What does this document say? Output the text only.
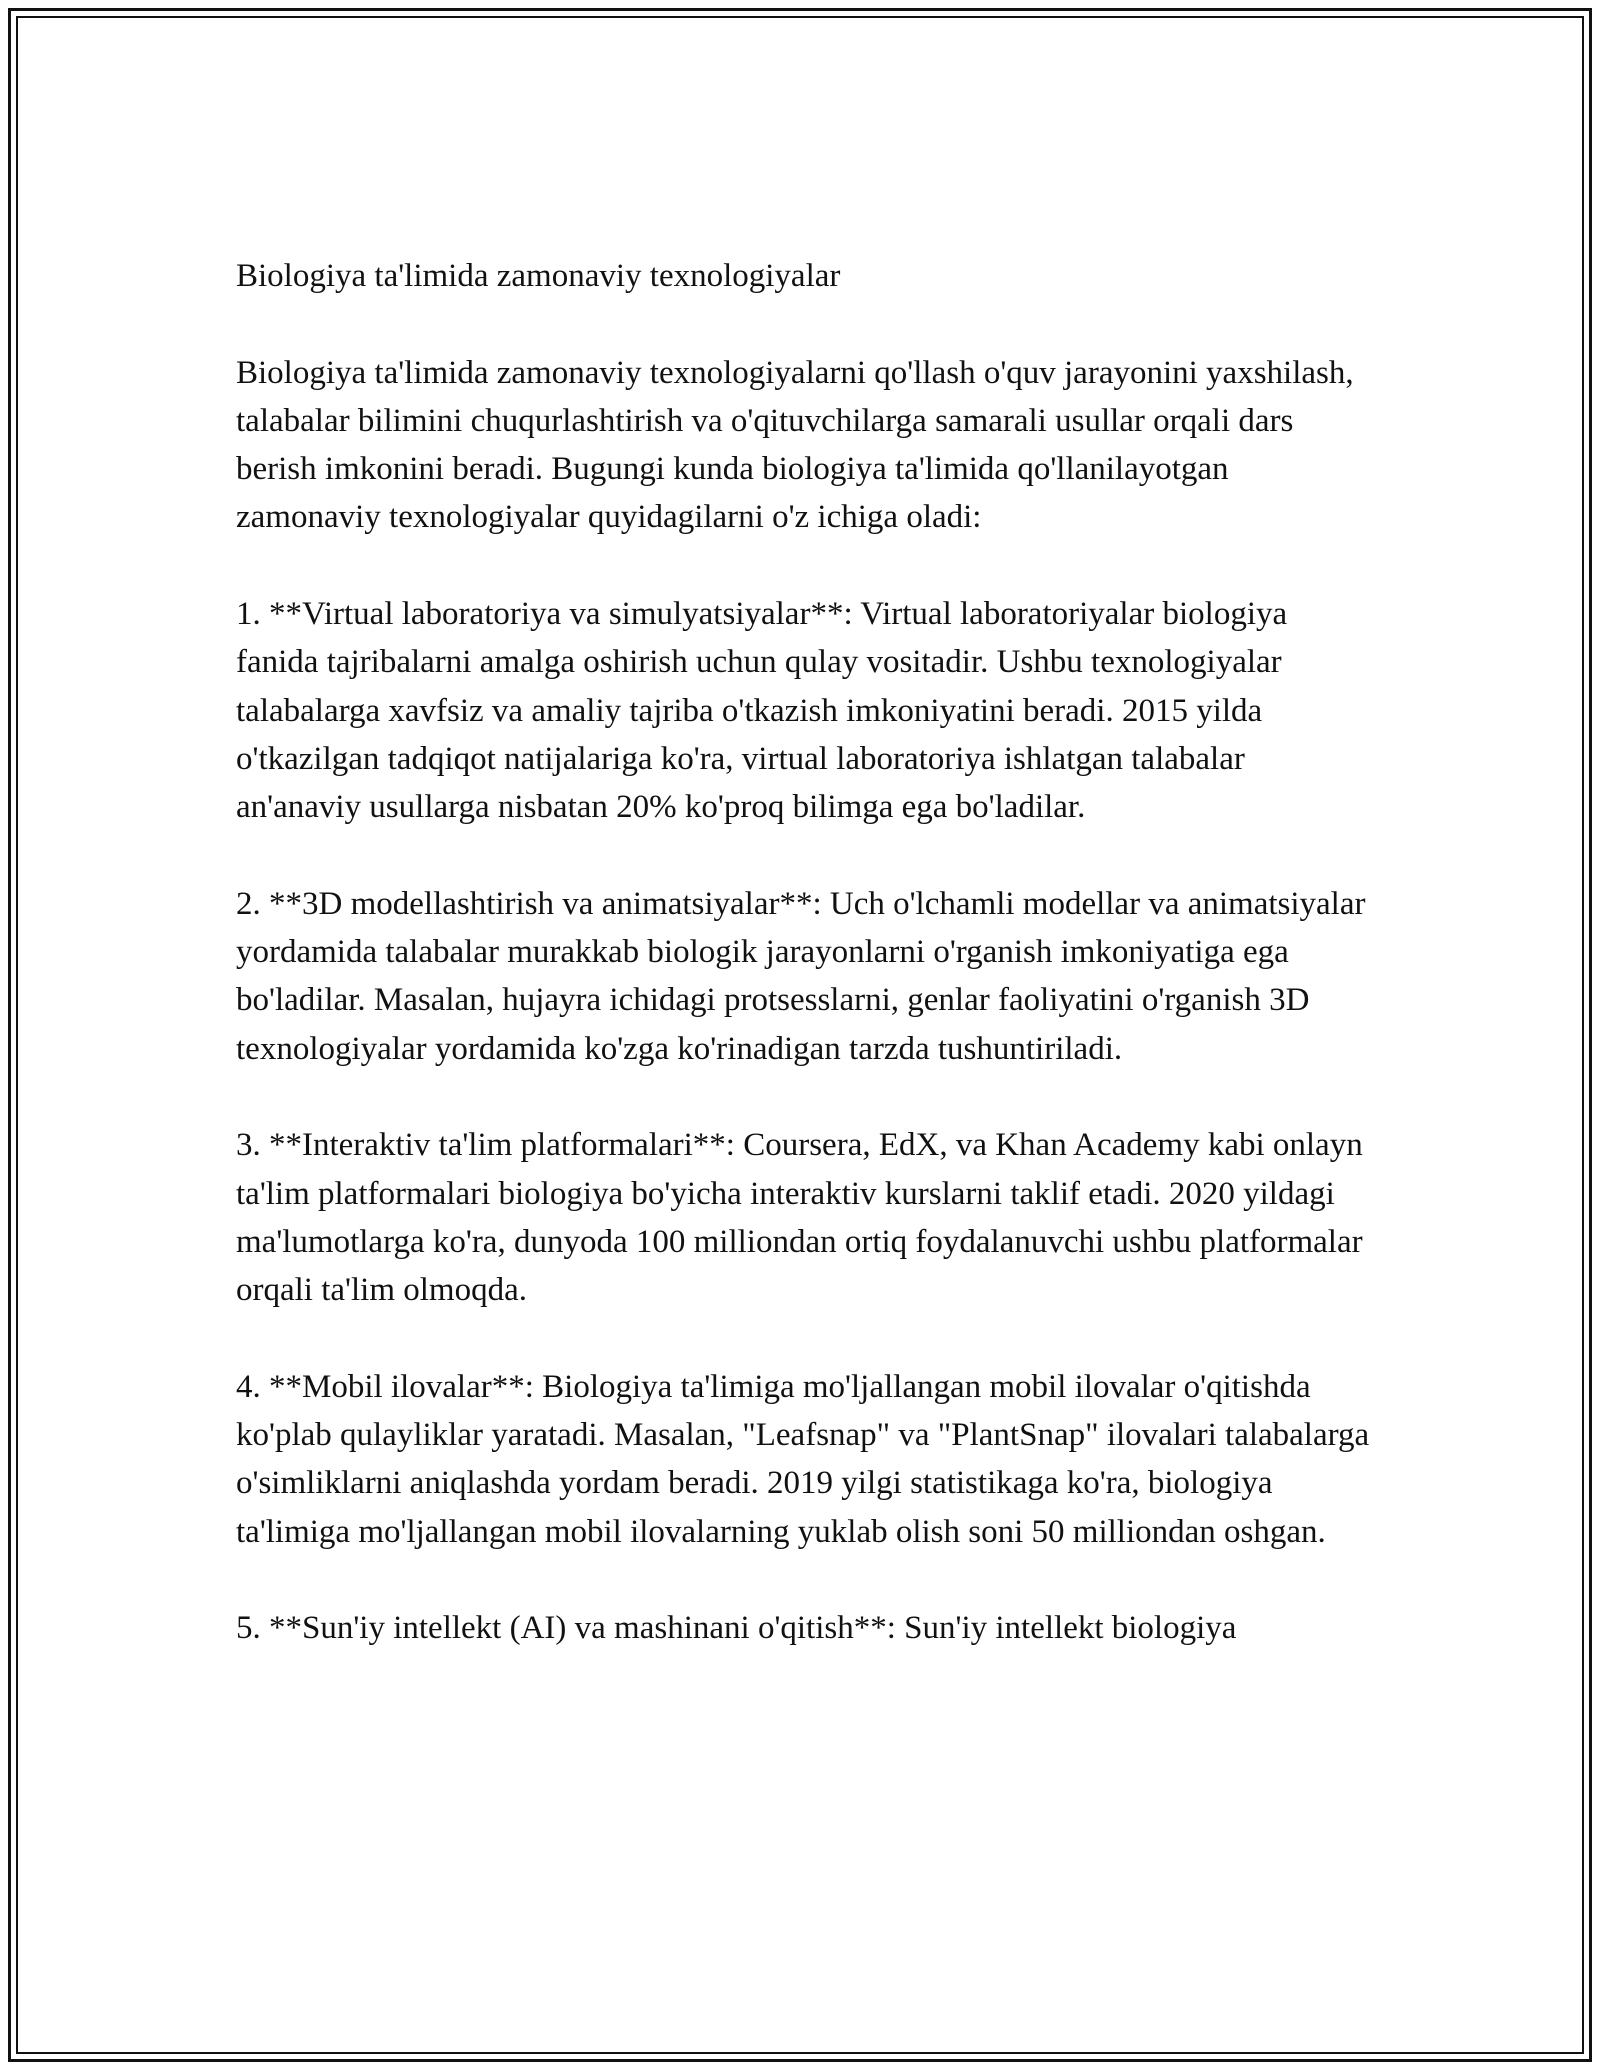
Biologiya ta'limida zamonaviy texnologiyalar

Biologiya ta'limida zamonaviy texnologiyalarni qo'llash o'quv jarayonini yaxshilash, talabalar bilimini chuqurlashtirish va o'qituvchilarga samarali usullar orqali dars berish imkonini beradi. Bugungi kunda biologiya ta'limida qo'llanilayotgan zamonaviy texnologiyalar quyidagilarni o'z ichiga oladi:

1. **Virtual laboratoriya va simulyatsiyalar**: Virtual laboratoriyalar biologiya fanida tajribalarni amalga oshirish uchun qulay vositadir. Ushbu texnologiyalar talabalarga xavfsiz va amaliy tajriba o'tkazish imkoniyatini beradi. 2015 yilda o'tkazilgan tadqiqot natijalariga ko'ra, virtual laboratoriya ishlatgan talabalar an'anaviy usullarga nisbatan 20% ko'proq bilimga ega bo'ladilar.

2. **3D modellashtirish va animatsiyalar**: Uch o'lchamli modellar va animatsiyalar yordamida talabalar murakkab biologik jarayonlarni o'rganish imkoniyatiga ega bo'ladilar. Masalan, hujayra ichidagi protsesslarni, genlar faoliyatini o'rganish 3D texnologiyalar yordamida ko'zga ko'rinadigan tarzda tushuntiriladi.

3. **Interaktiv ta'lim platformalari**: Coursera, EdX, va Khan Academy kabi onlayn ta'lim platformalari biologiya bo'yicha interaktiv kurslarni taklif etadi. 2020 yildagi ma'lumotlarga ko'ra, dunyoda 100 milliondan ortiq foydalanuvchi ushbu platformalar orqali ta'lim olmoqda.

4. **Mobil ilovalar**: Biologiya ta'limiga mo'ljallangan mobil ilovalar o'qitishda ko'plab qulayliklar yaratadi. Masalan, "Leafsnap" va "PlantSnap" ilovalari talabalarga o'simliklarni aniqlashda yordam beradi. 2019 yilgi statistikaga ko'ra, biologiya ta'limiga mo'ljallangan mobil ilovalarning yuklab olish soni 50 milliondan oshgan.

5. **Sun'iy intellekt (AI) va mashinani o'qitish**: Sun'iy intellekt biologiya
